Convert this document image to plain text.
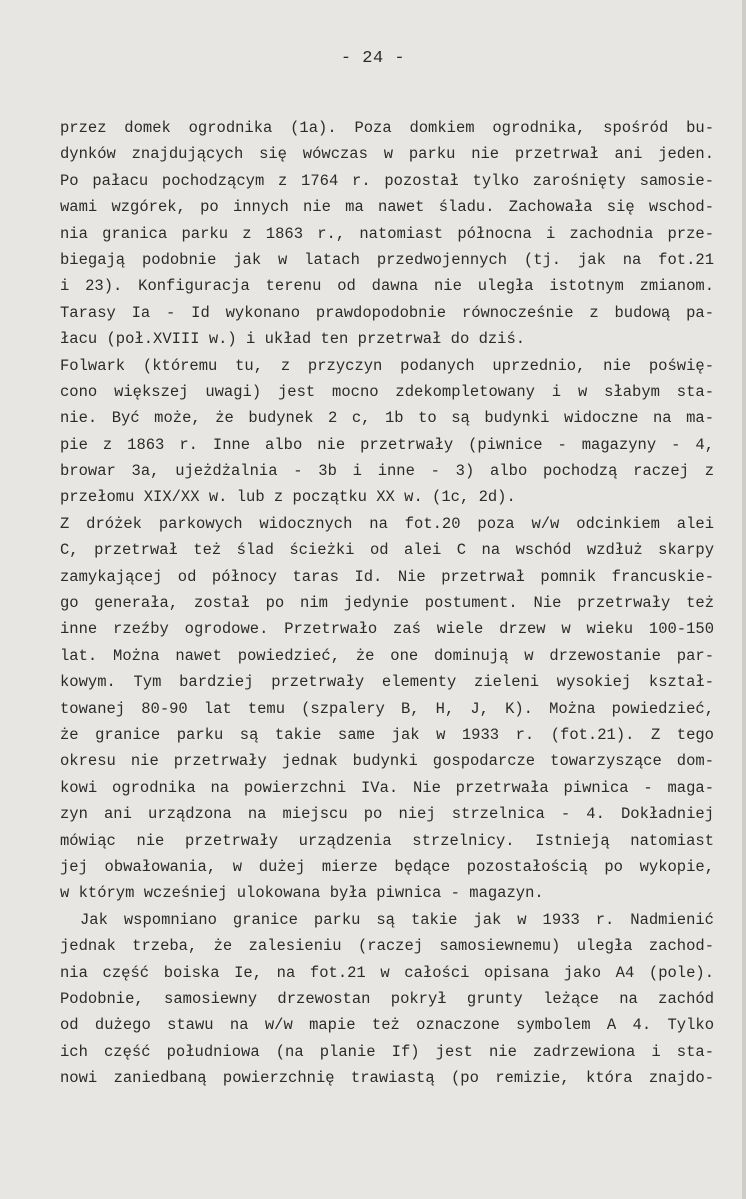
- 24 -
przez domek ogrodnika (1a). Poza domkiem ogrodnika, spośród bu-
dynków znajdujących się wówczas w parku nie przetrwał ani jeden.
Po pałacu pochodzącym z 1764 r. pozostał tylko zarośnięty samosie-
wami wzgórek, po innych nie ma nawet śladu. Zachowała się wschod-
nia granica parku z 1863 r., natomiast północna i zachodnia prze-
biegają podobnie jak w latach przedwojennych (tj. jak na fot.21
i 23). Konfiguracja terenu od dawna nie uległa istotnym zmianom.
Tarasy Ia - Id wykonano prawdopodobnie równocześnie z budową pa-
łacu (poł.XVIII w.) i układ ten przetrwał do dziś.
Folwark (któremu tu, z przyczyn podanych uprzednio, nie poświę-
cono większej uwagi) jest mocno zdekompletowany i w słabym sta-
nie. Być może, że budynek 2 c, 1b to są budynki widoczne na ma-
pie z 1863 r. Inne albo nie przetrwały (piwnice - magazyny - 4,
browar 3a, ujeżdżalnia - 3b i inne - 3) albo pochodzą raczej z
przełomu XIX/XX w. lub z początku XX w. (1c, 2d).
Z dróżek parkowych widocznych na fot.20 poza w/w odcinkiem alei
C, przetrwał też ślad ścieżki od alei C na wschód wzdłuż skarpy
zamykającej od północy taras Id. Nie przetrwał pomnik francuskie-
go generała, został po nim jedynie postument. Nie przetrwały też
inne rzeźby ogrodowe. Przetrwało zaś wiele drzew w wieku 100-150
lat. Można nawet powiedzieć, że one dominują w drzewostanie par-
kowym. Tym bardziej przetrwały elementy zieleni wysokiej kształ-
towanej 80-90 lat temu (szpalery B, H, J, K). Można powiedzieć,
że granice parku są takie same jak w 1933 r. (fot.21). Z tego
okresu nie przetrwały jednak budynki gospodarcze towarzyszące dom-
kowi ogrodnika na powierzchni IVa. Nie przetrwała piwnica - maga-
zyn ani urządzona na miejscu po niej strzelnica - 4. Dokładniej
mówiąc nie przetrwały urządzenia strzelnicy. Istnieją natomiast
jej obwałowania, w dużej mierze będące pozostałością po wykopie,
w którym wcześniej ulokowana była piwnica - magazyn.
Jak wspomniano granice parku są takie jak w 1933 r. Nadmienić
jednak trzeba, że zalesieniu (raczej samosiewnemu) uległa zachod-
nia część boiska Ie, na fot.21 w całości opisana jako A4 (pole).
Podobnie, samosiewny drzewostan pokrył grunty leżące na zachód
od dużego stawu na w/w mapie też oznaczone symbolem A 4. Tylko
ich część południowa (na planie If) jest nie zadrzewiona i sta-
nowi zaniedbaną powierzchnię trawiastą (po remizie, która znajdo-
